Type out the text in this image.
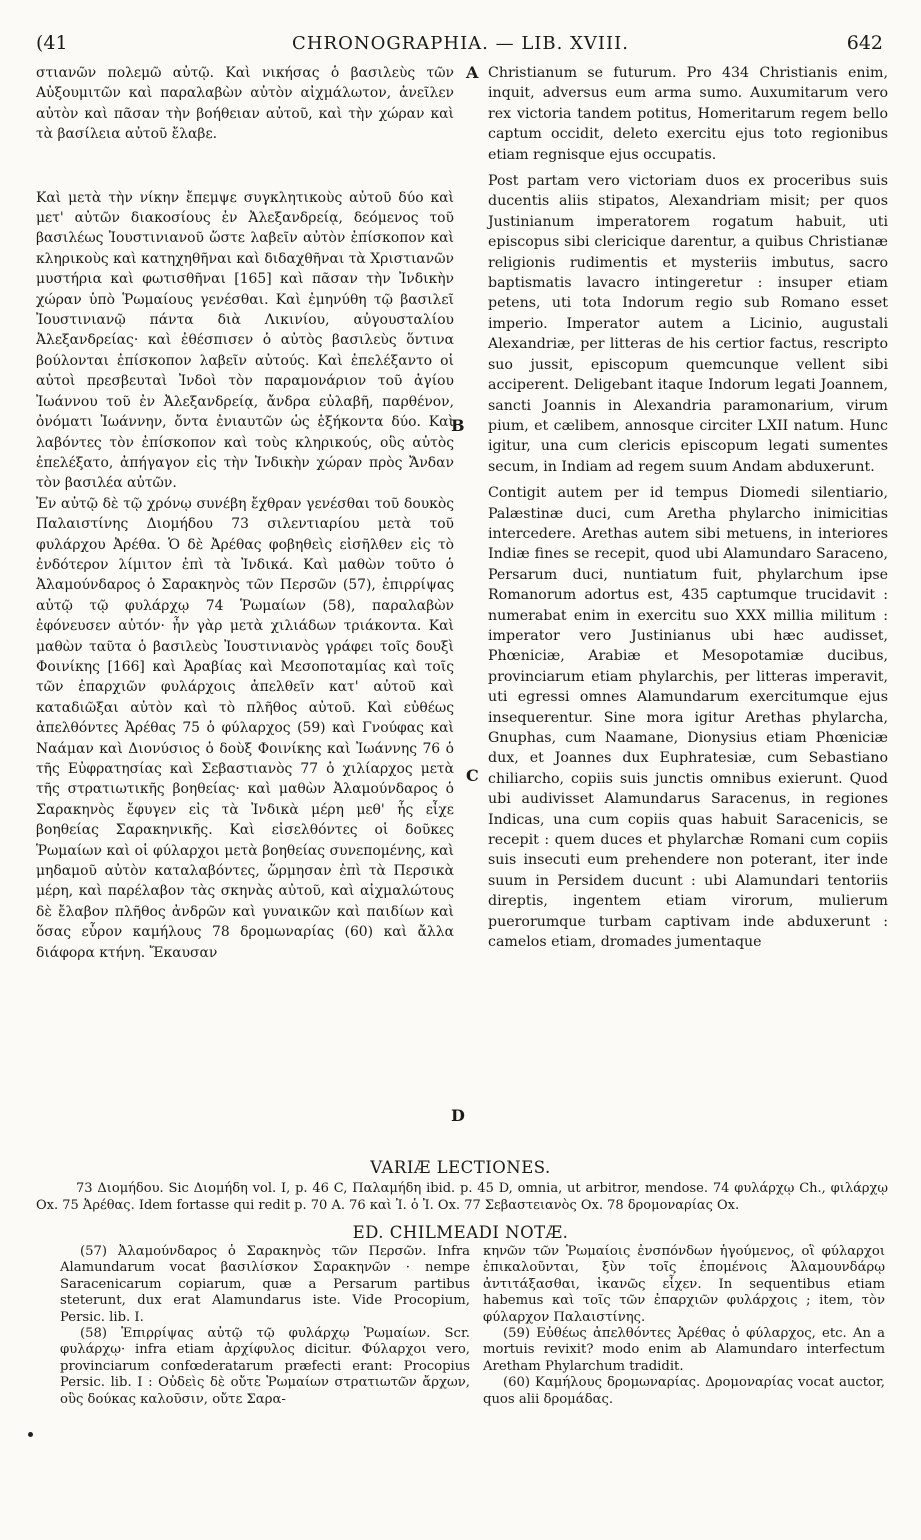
(41	CHRONOGRAPHIA. — LIB. XVIII.	642
A
B
C
D

στιανῶν πολεμῶ αὐτῷ. Καὶ νικήσας ὁ βασιλεὺς τῶν Αὐξουμιτῶν καὶ παραλαβὼν αὐτὸν αἰχμάλωτον, ἀνεῖλεν αὐτὸν καὶ πᾶσαν τὴν βοήθειαν αὐτοῦ, καὶ τὴν χώραν καὶ τὰ βασίλεια αὐτοῦ ἔλαβε.

Καὶ μετὰ τὴν νίκην ἔπεμψε συγκλητικοὺς αὐτοῦ δύο καὶ μετ' αὐτῶν διακοσίους ἐν Ἀλεξανδρείᾳ, δεόμενος τοῦ βασιλέως Ἰουστινιανοῦ ὥστε λαβεῖν αὐτὸν ἐπίσκοπον καὶ κληρικοὺς καὶ κατηχηθῆναι καὶ διδαχθῆναι τὰ Χριστιανῶν μυστήρια καὶ φωτισθῆναι [165] καὶ πᾶσαν τὴν Ἰνδικὴν χώραν ὑπὸ Ῥωμαίους γενέσθαι. Καὶ ἐμηνύθη τῷ βασιλεῖ Ἰουστινιανῷ πάντα διὰ Λικινίου, αὐγουσταλίου Ἀλεξανδρείας· καὶ ἐθέσπισεν ὁ αὐτὸς βασιλεὺς ὅντινα βούλονται ἐπίσκοπον λαβεῖν αὐτούς. Καὶ ἐπελέξαντο οἱ αὐτοὶ πρεσβευταὶ Ἰνδοὶ τὸν παραμονάριον τοῦ ἁγίου Ἰωάννου τοῦ ἐν Ἀλεξανδρείᾳ, ἄνδρα εὐλαβῆ, παρθένον, ὀνόματι Ἰωάννην, ὄντα ἐνιαυτῶν ὡς ἑξήκοντα δύο. Καὶ λαβόντες τὸν ἐπίσκοπον καὶ τοὺς κληρικούς, οὓς αὐτὸς ἐπελέξατο, ἀπήγαγον εἰς τὴν Ἰνδικὴν χώραν πρὸς Ἄνδαν τὸν βασιλέα αὐτῶν.

Ἐν αὐτῷ δὲ τῷ χρόνῳ συνέβη ἔχθραν γενέσθαι τοῦ δουκὸς Παλαιστίνης Διομήδου 73 σιλεντιαρίου μετὰ τοῦ φυλάρχου Ἀρέθα. Ὁ δὲ Ἀρέθας φοβηθεὶς εἰσῆλθεν εἰς τὸ ἐνδότερον λίμιτον ἐπὶ τὰ Ἰνδικά. Καὶ μαθὼν τοῦτο ὁ Ἀλαμούνδαρος ὁ Σαρακηνὸς τῶν Περσῶν (57), ἐπιρρίψας αὐτῷ τῷ φυλάρχῳ 74 Ῥωμαίων (58), παραλαβὼν ἐφόνευσεν αὐτόν· ἦν γὰρ μετὰ χιλιάδων τριάκοντα. Καὶ μαθὼν ταῦτα ὁ βασιλεὺς Ἰουστινιανὸς γράφει τοῖς δουξὶ Φοινίκης [166] καὶ Ἀραβίας καὶ Μεσοποταμίας καὶ τοῖς τῶν ἐπαρχιῶν φυλάρχοις ἀπελθεῖν κατ' αὐτοῦ καὶ καταδιῶξαι αὐτὸν καὶ τὸ πλῆθος αὐτοῦ. Καὶ εὐθέως ἀπελθόντες Ἀρέθας 75 ὁ φύλαρχος (59) καὶ Γνούφας καὶ Ναάμαν καὶ Διονύσιος ὁ δοὺξ Φοινίκης καὶ Ἰωάννης 76 ὁ τῆς Εὐφρατησίας καὶ Σεβαστιανὸς 77 ὁ χιλίαρχος μετὰ τῆς στρατιωτικῆς βοηθείας· καὶ μαθὼν Ἀλαμούνδαρος ὁ Σαρακηνὸς ἔφυγεν εἰς τὰ Ἰνδικὰ μέρη μεθ' ἧς εἶχε βοηθείας Σαρακηνικῆς. Καὶ εἰσελθόντες οἱ δοῦκες Ῥωμαίων καὶ οἱ φύλαρχοι μετὰ βοηθείας συνεπομένης, καὶ μηδαμοῦ αὐτὸν καταλαβόντες, ὥρμησαν ἐπὶ τὰ Περσικὰ μέρη, καὶ παρέλαβον τὰς σκηνὰς αὐτοῦ, καὶ αἰχμαλώτους δὲ ἔλαβον πλῆθος ἀνδρῶν καὶ γυναικῶν καὶ παιδίων καὶ ὅσας εὗρον καμήλους 78 δρομωναρίας (60) καὶ ἄλλα διάφορα κτήνη. Ἔκαυσαν

Christianum se futurum. Pro 434 Christianis enim, inquit, adversus eum arma sumo. Auxumitarum vero rex victoria tandem potitus, Homeritarum regem bello captum occidit, deleto exercitu ejus toto regionibus etiam regnisque ejus occupatis.

Post partam vero victoriam duos ex proceribus suis ducentis aliis stipatos, Alexandriam misit; per quos Justinianum imperatorem rogatum habuit, uti episcopus sibi clericique darentur, a quibus Christianæ religionis rudimentis et mysteriis imbutus, sacro baptismatis lavacro intingeretur : insuper etiam petens, uti tota Indorum regio sub Romano esset imperio. Imperator autem a Licinio, augustali Alexandriæ, per litteras de his certior factus, rescripto suo jussit, episcopum quemcunque vellent sibi acciperent. Deligebant itaque Indorum legati Joannem, sancti Joannis in Alexandria paramonarium, virum pium, et cælibem, annosque circiter LXII natum. Hunc igitur, una cum clericis episcopum legati sumentes secum, in Indiam ad regem suum Andam abduxerunt.

Contigit autem per id tempus Diomedi silentiario, Palæstinæ duci, cum Aretha phylarcho inimicitias intercedere. Arethas autem sibi metuens, in interiores Indiæ fines se recepit, quod ubi Alamundaro Saraceno, Persarum duci, nuntiatum fuit, phylarchum ipse Romanorum adortus est, 435 captumque trucidavit : numerabat enim in exercitu suo XXX millia militum : imperator vero Justinianus ubi hæc audisset, Phœniciæ, Arabiæ et Mesopotamiæ ducibus, provinciarum etiam phylarchis, per litteras imperavit, uti egressi omnes Alamundarum exercitumque ejus insequerentur. Sine mora igitur Arethas phylarcha, Gnuphas, cum Naamane, Dionysius etiam Phœniciæ dux, et Joannes dux Euphratesiæ, cum Sebastiano chiliarcho, copiis suis junctis omnibus exierunt. Quod ubi audivisset Alamundarus Saracenus, in regiones Indicas, una cum copiis quas habuit Saracenicis, se recepit : quem duces et phylarchæ Romani cum copiis suis insecuti eum prehendere non poterant, iter inde suum in Persidem ducunt : ubi Alamundari tentoriis direptis, ingentem etiam virorum, mulierum puerorumque turbam captivam inde abduxerunt : camelos etiam, dromades jumentaque

VARIÆ LECTIONES.

73 Διομήδου. Sic Διομήδη vol. I, p. 46 C, Παλαμήδη ibid. p. 45 D, omnia, ut arbitror, mendose. 74 φυλάρχῳ Ch., φιλάρχῳ Ox. 75 Ἀρέθας. Idem fortasse qui redit p. 70 A. 76 καὶ Ἰ. ὁ Ἰ. Ox. 77 Σεβαστειανὸς Ox. 78 δρομοναρίας Ox.

ED. CHILMEADI NOTÆ.

(57) Ἀλαμούνδαρος ὁ Σαρακηνὸς τῶν Περσῶν. Infra Alamundarum vocat βασιλίσκον Σαρακηνῶν · nempe Saracenicarum copiarum, quæ a Persarum partibus steterunt, dux erat Alamundarus iste. Vide Procopium, Persic. lib. I.

(58) Ἐπιρρίψας αὐτῷ τῷ φυλάρχῳ Ῥωμαίων. Scr. φυλάρχῳ· infra etiam ἀρχίφυλος dicitur. Φύλαρχοι vero, provinciarum confœderatarum præfecti erant: Procopius Persic. lib. I : Οὐδεὶς δὲ οὔτε Ῥωμαίων στρατιωτῶν ἄρχων, οὓς δούκας καλοῦσιν, οὔτε Σαρα-

κηνῶν τῶν Ῥωμαίοις ἐνσπόνδων ἡγούμενος, οἳ φύλαρχοι ἐπικαλοῦνται, ξὺν τοῖς ἑπομένοις Ἀλαμουνδάρῳ ἀντιτάξασθαι, ἱκανῶς εἶχεν. In sequentibus etiam habemus καὶ τοῖς τῶν ἐπαρχιῶν φυλάρχοις ; item, τὸν φύλαρχον Παλαιστίνης.

(59) Εὐθέως ἀπελθόντες Ἀρέθας ὁ φύλαρχος, etc. An a mortuis revixit? modo enim ab Alamundaro interfectum Aretham Phylarchum tradidit.

(60) Καμήλους δρομωναρίας. Δρομοναρίας vocat auctor, quos alii δρομάδας.
